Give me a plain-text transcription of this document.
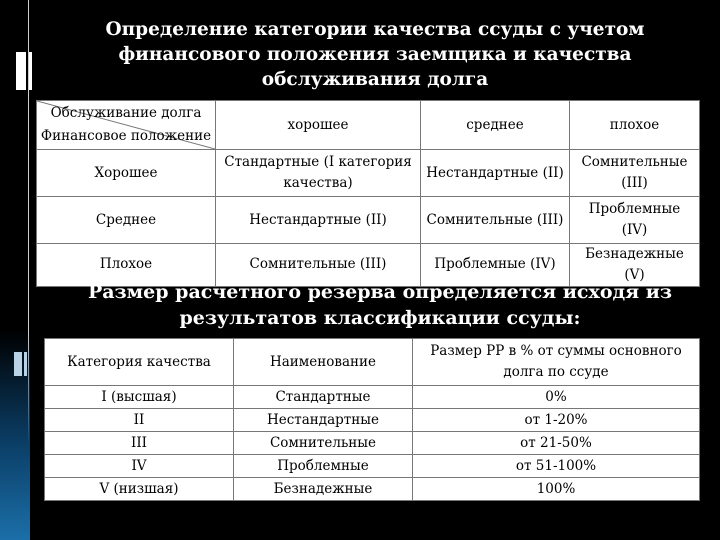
Определение категории качества ссуды с учетом финансового положения заемщика и качества обслуживания долга
Обслуживание долга
Финансовое положение	хорошее	среднее	плохое
Хорошее	Стандартные (I категория качества)	Нестандартные (II)	Сомнительные (III)
Среднее	Нестандартные (II)	Сомнительные (III)	Проблемные (IV)
Плохое	Сомнительные (III)	Проблемные (IV)	Безнадежные (V)
Размер расчетного резерва определяется исходя из результатов классификации ссуды:
Категория качества	Наименование	Размер РР в % от суммы основного долга по ссуде
I (высшая)	Стандартные	0%
II	Нестандартные	от 1-20%
III	Сомнительные	от 21-50%
IV	Проблемные	от 51-100%
V (низшая)	Безнадежные	100%
